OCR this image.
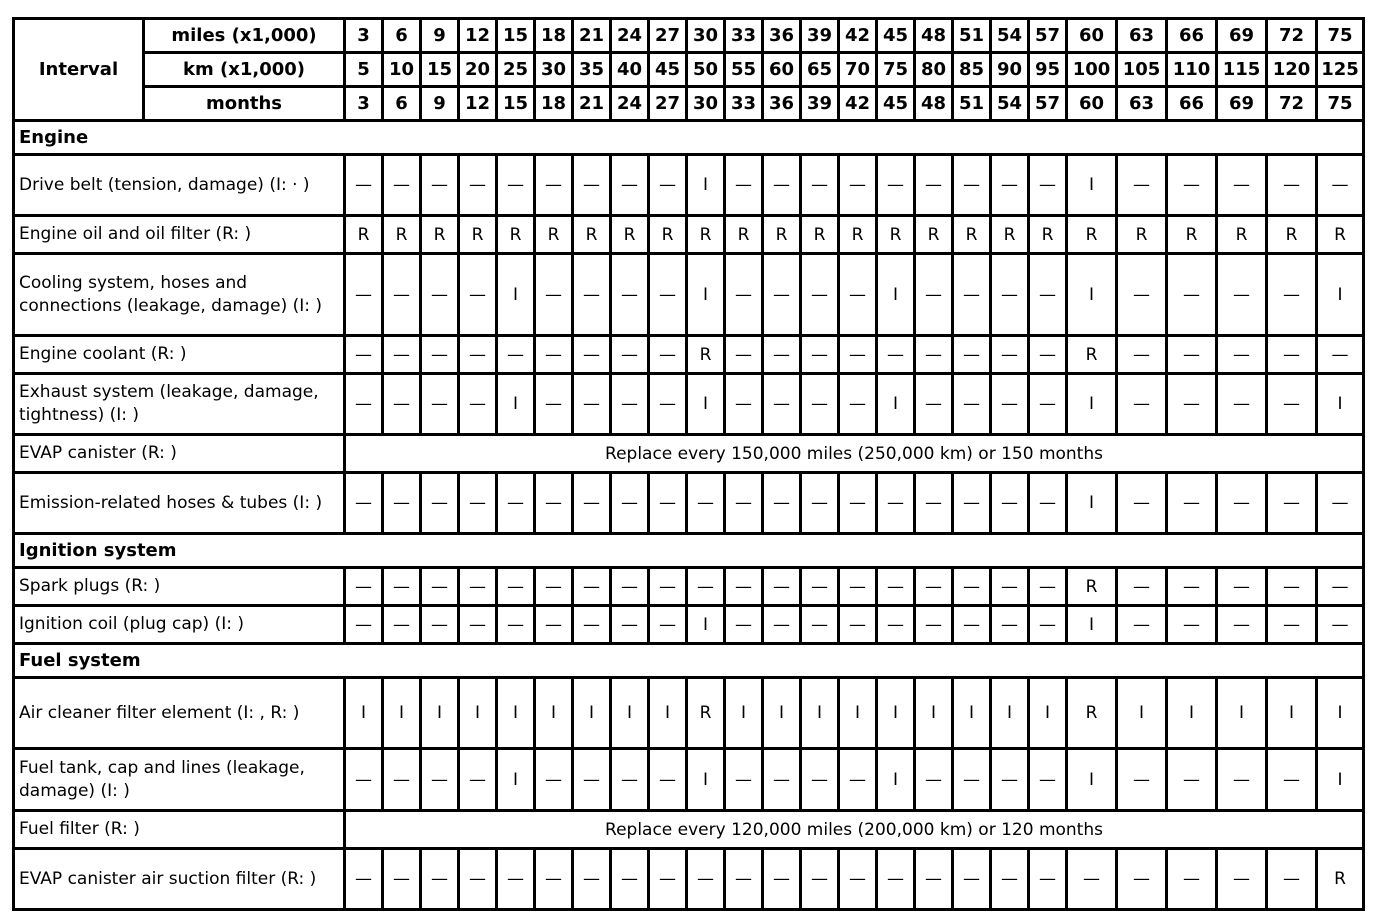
Interval	miles (x1,000)	3	6	9	12	15	18	21	24	27	30	33	36	39	42	45	48	51	54	57	60	63	66	69	72	75
	km (x1,000)	5	10	15	20	25	30	35	40	45	50	55	60	65	70	75	80	85	90	95	100	105	110	115	120	125
	months	3	6	9	12	15	18	21	24	27	30	33	36	39	42	45	48	51	54	57	60	63	66	69	72	75
Engine																										
Drive belt (tension, damage) (I: · )		—	—	—	—	—	—	—	—	—	I	—	—	—	—	—	—	—	—	—	I	—	—	—	—	—
Engine oil and oil filter (R: )		R	R	R	R	R	R	R	R	R	R	R	R	R	R	R	R	R	R	R	R	R	R	R	R	R
Cooling system, hoses and connections (leakage, damage) (I: )		—	—	—	—	I	—	—	—	—	I	—	—	—	—	I	—	—	—	—	I	—	—	—	—	I
Engine coolant (R: )		—	—	—	—	—	—	—	—	—	R	—	—	—	—	—	—	—	—	—	R	—	—	—	—	—
Exhaust system (leakage, damage, tightness) (I: )		—	—	—	—	I	—	—	—	—	I	—	—	—	—	I	—	—	—	—	I	—	—	—	—	I
EVAP canister (R: )		Replace every 150,000 miles (250,000 km) or 150 months																								
Emission-related hoses & tubes (I: )		—	—	—	—	—	—	—	—	—	—	—	—	—	—	—	—	—	—	—	I	—	—	—	—	—
Ignition system																										
Spark plugs (R: )		—	—	—	—	—	—	—	—	—	—	—	—	—	—	—	—	—	—	—	R	—	—	—	—	—
Ignition coil (plug cap) (I: )		—	—	—	—	—	—	—	—	—	I	—	—	—	—	—	—	—	—	—	I	—	—	—	—	—
Fuel system																										
Air cleaner filter element (I: , R: )		I	I	I	I	I	I	I	I	I	R	I	I	I	I	I	I	I	I	I	R	I	I	I	I	I
Fuel tank, cap and lines (leakage, damage) (I: )		—	—	—	—	I	—	—	—	—	I	—	—	—	—	I	—	—	—	—	I	—	—	—	—	I
Fuel filter (R: )		Replace every 120,000 miles (200,000 km) or 120 months																								
EVAP canister air suction filter (R: )		—	—	—	—	—	—	—	—	—	—	—	—	—	—	—	—	—	—	—	—	—	—	—	—	R
